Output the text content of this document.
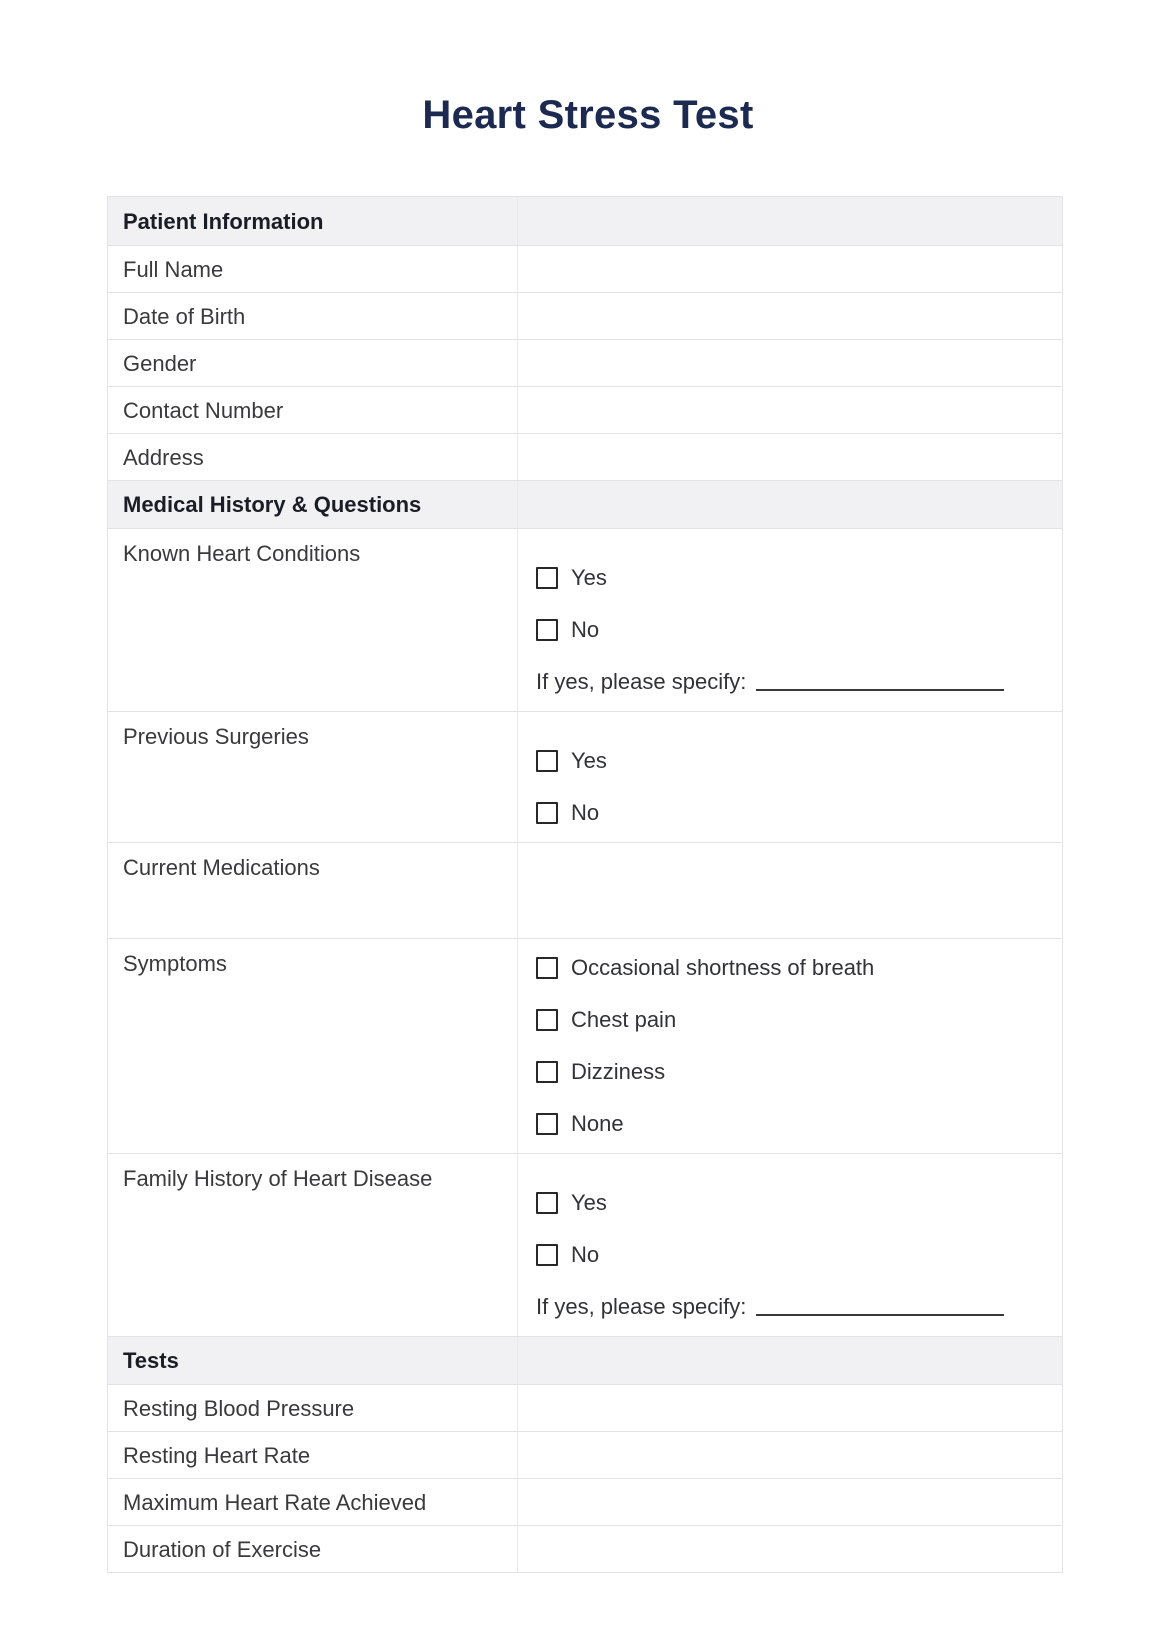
Heart Stress Test
Patient Information
Full Name
Date of Birth
Gender
Contact Number
Address
Medical History & Questions
Known Heart Conditions
Yes
No
If yes, please specify:
Previous Surgeries
Yes
No
Current Medications
Symptoms	Occasional shortness of breath
Chest pain
Dizziness
None
Family History of Heart Disease
Yes
No
If yes, please specify:
Tests
Resting Blood Pressure
Resting Heart Rate
Maximum Heart Rate Achieved
Duration of Exercise
